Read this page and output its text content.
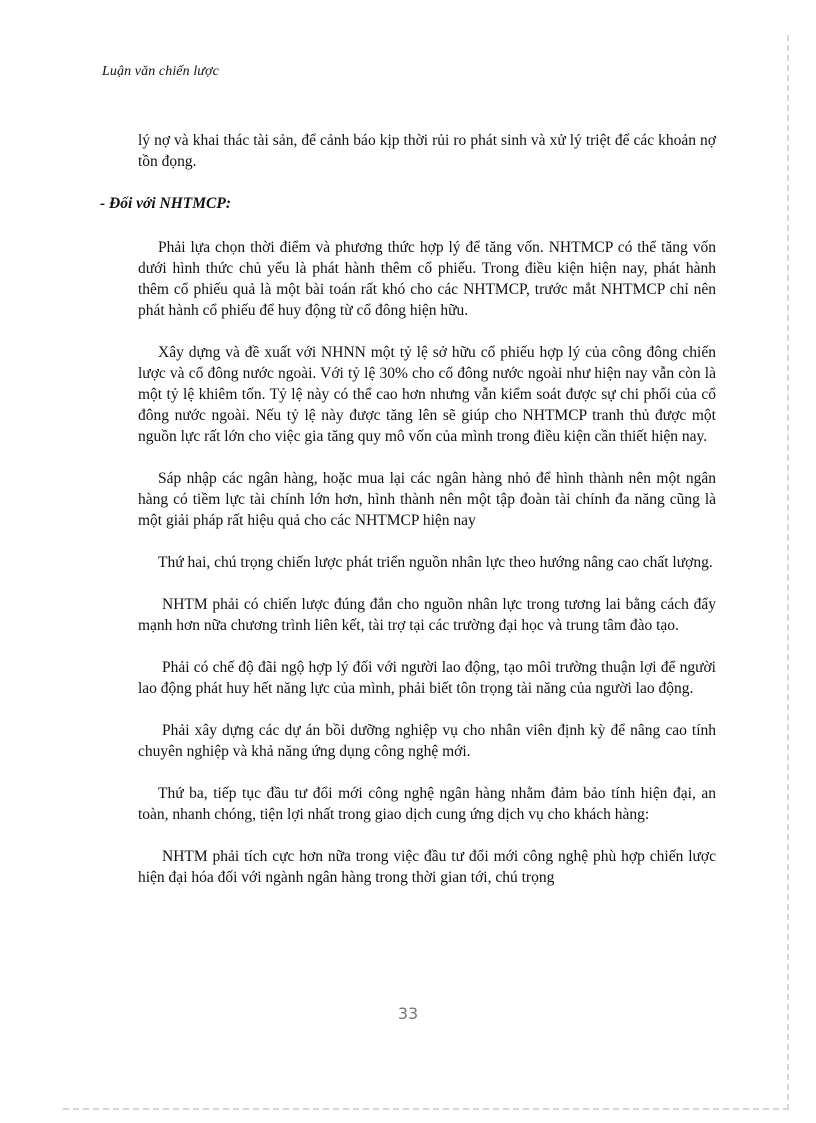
Luận văn chiến lược

lý nợ và khai thác tài sản, để cảnh báo kịp thời rủi ro phát sinh và xử lý triệt để các khoản nợ tồn đọng.

- Đối với NHTMCP:

Phải lựa chọn thời điểm và phương thức hợp lý để tăng vốn. NHTMCP có thể tăng vốn dưới hình thức chủ yếu là phát hành thêm cổ phiếu. Trong điều kiện hiện nay, phát hành thêm cổ phiếu quả là một bài toán rất khó cho các NHTMCP, trước mắt NHTMCP chỉ nên phát hành cổ phiếu để huy động từ cổ đông hiện hữu.

Xây dựng và đề xuất với NHNN một tỷ lệ sở hữu cổ phiếu hợp lý của công đông chiến lược và cổ đông nước ngoài. Với tỷ lệ 30% cho cổ đông nước ngoài như hiện nay vẫn còn là một tỷ lệ khiêm tốn. Tỷ lệ này có thể cao hơn nhưng vẫn kiểm soát được sự chi phối của cổ đông nước ngoài. Nếu tỷ lệ này được tăng lên sẽ giúp cho NHTMCP tranh thủ được một nguồn lực rất lớn cho việc gia tăng quy mô vốn của mình trong điều kiện cần thiết hiện nay.

Sáp nhập các ngân hàng, hoặc mua lại các ngân hàng nhỏ để hình thành nên một ngân hàng có tiềm lực tài chính lớn hơn, hình thành nên một tập đoàn tài chính đa năng cũng là một giải pháp rất hiệu quả cho các NHTMCP hiện nay

Thứ hai, chú trọng chiến lược phát triển nguồn nhân lực theo hướng nâng cao chất lượng.

NHTM phải có chiến lược đúng đắn cho nguồn nhân lực trong tương lai bằng cách đẩy mạnh hơn nữa chương trình liên kết, tài trợ tại các trường đại học và trung tâm đào tạo.

Phải có chế độ đãi ngộ hợp lý đối với người lao động, tạo môi trường thuận lợi để người lao động phát huy hết năng lực của mình, phải biết tôn trọng tài năng của người lao động.

Phải xây dựng các dự án bồi dưỡng nghiệp vụ cho nhân viên định kỳ để nâng cao tính chuyên nghiệp và khả năng ứng dụng công nghệ mới.

Thứ ba, tiếp tục đầu tư đổi mới công nghệ ngân hàng nhằm đảm bảo tính hiện đại, an toàn, nhanh chóng, tiện lợi nhất trong giao dịch cung ứng dịch vụ cho khách hàng:

NHTM phải tích cực hơn nữa trong việc đầu tư đổi mới công nghệ phù hợp chiến lược hiện đại hóa đối với ngành ngân hàng trong thời gian tới, chú trọng

33
